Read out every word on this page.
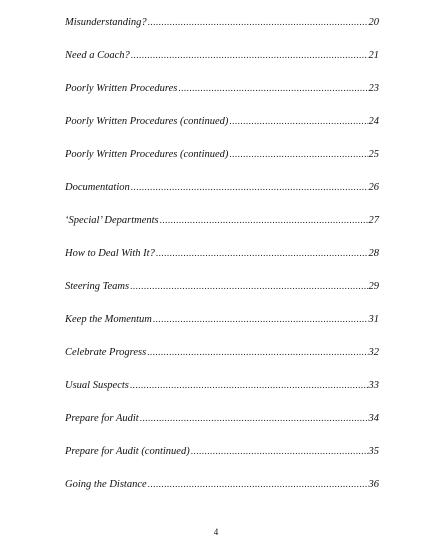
Misunderstanding? .....	20
Need a Coach? .....	21
Poorly Written Procedures .....	23
Poorly Written Procedures (continued) .....	24
Poorly Written Procedures (continued) .....	25
Documentation .....	26
‘Special’ Departments .....	27
How to Deal With It? .....	28
Steering Teams .....	29
Keep the Momentum .....	31
Celebrate Progress .....	32
Usual Suspects .....	33
Prepare for Audit .....	34
Prepare for Audit (continued) .....	35
Going the Distance .....	36
4
